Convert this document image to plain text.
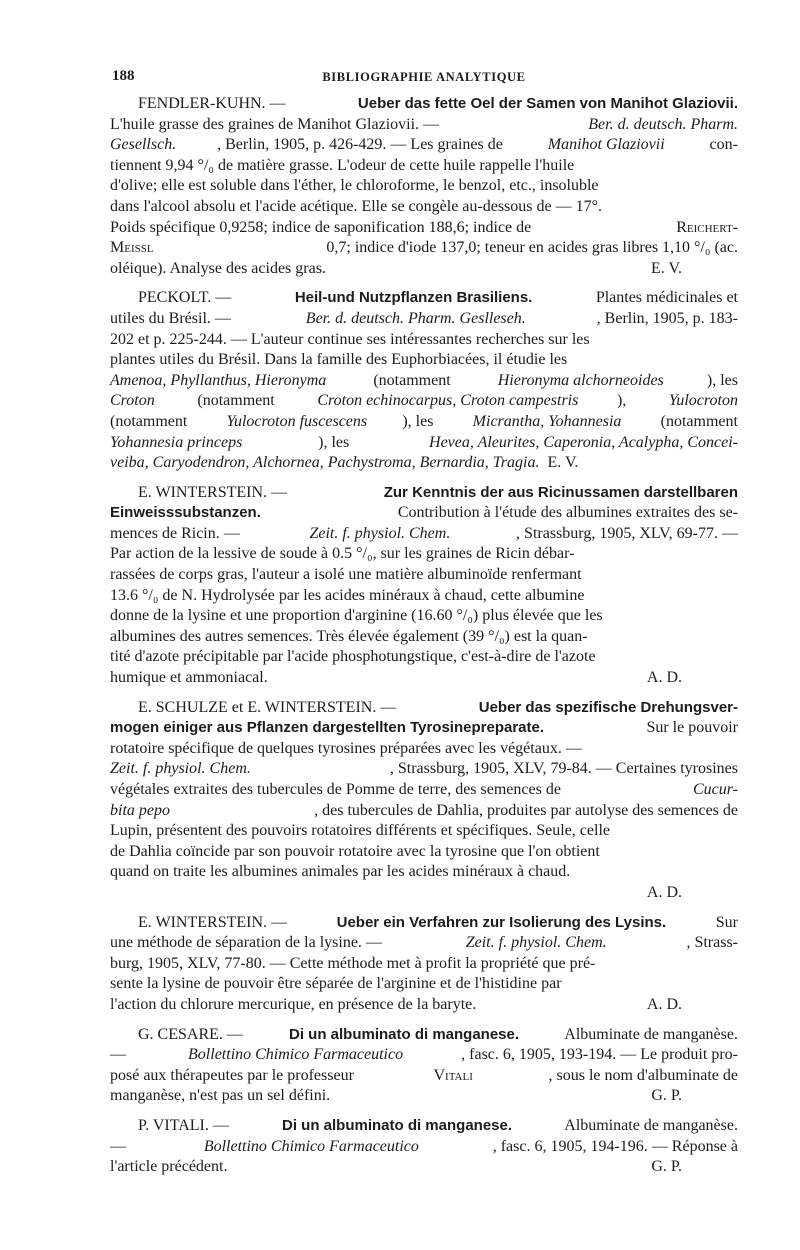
188	BIBLIOGRAPHIE ANALYTIQUE
FENDLER-KUHN. —	Ueber das fette Oel der Samen von Manihot Glaziovii.
L'huile grasse des graines de Manihot Glaziovii. —	Ber. d. deutsch. Pharm.
Gesellsch.	, Berlin, 1905, p. 426-429. — Les graines de	Manihot Glaziovii	con-
tiennent 9,94 °/₀ de matière grasse. L'odeur de cette huile rappelle l'huile
d'olive; elle est soluble dans l'éther, le chloroforme, le benzol, etc., insoluble
dans l'alcool absolu et l'acide acétique. Elle se congèle au-dessous de — 17°.
Poids spécifique 0,9258; indice de saponification 188,6; indice de	Reichert-
Meissl	0,7; indice d'iode 137,0; teneur en acides gras libres 1,10 °/₀ (ac.
oléique). Analyse des acides gras.	E. V.
PECKOLT. —	Heil-und Nutzpflanzen Brasiliens.	Plantes médicinales et
utiles du Brésil. —	Ber. d. deutsch. Pharm. Geslleseh.	, Berlin, 1905, p. 183-
202 et p. 225-244. — L'auteur continue ses intéressantes recherches sur les
plantes utiles du Brésil. Dans la famille des Euphorbiacées, il étudie les
Amenoa, Phyllanthus, Hieronyma	(notamment	Hieronyma alchorneoides	), les
Croton (notamment Croton echinocarpus, Croton campestris ), Yulocroton
(notamment Yulocroton fuscescens ), les Micrantha, Yohannesia (notamment
Yohannesia princeps	), les	Hevea, Aleurites, Caperonia, Acalypha, Concei-
veiba, Caryodendron, Alchornea, Pachystroma, Bernardia, Tragia. E. V.
E. WINTERSTEIN. —	Zur Kenntnis der aus Ricinussamen darstellbaren
Einweisssubstanzen.	Contribution à l'étude des albumines extraites des se-
mences de Ricin. —	Zeit. f. physiol. Chem.	, Strassburg, 1905, XLV, 69-77. —
Par action de la lessive de soude à 0.5 °/₀, sur les graines de Ricin débar-
rassées de corps gras, l'auteur a isolé une matière albuminoïde renfermant
13.6 °/₀ de N. Hydrolysée par les acides minéraux à chaud, cette albumine
donne de la lysine et une proportion d'arginine (16.60 °/₀) plus élevée que les
albumines des autres semences. Très élevée également (39 °/₀) est la quan-
tité d'azote précipitable par l'acide phosphotungstique, c'est-à-dire de l'azote
humique et ammoniacal.	A. D.
E. SCHULZE et E. WINTERSTEIN. —	Ueber das spezifische Drehungsver-
mogen einiger aus Pflanzen dargestellten Tyrosinepreparate.	Sur le pouvoir
rotatoire spécifique de quelques tyrosines préparées avec les végétaux. —
Zeit. f. physiol. Chem.	, Strassburg, 1905, XLV, 79-84. — Certaines tyrosines
végétales extraites des tubercules de Pomme de terre, des semences de	Cucur-
bita pepo	, des tubercules de Dahlia, produites par autolyse des semences de
Lupin, présentent des pouvoirs rotatoires différents et spécifiques. Seule, celle
de Dahlia coïncide par son pouvoir rotatoire avec la tyrosine que l'on obtient
quand on traite les albumines animales par les acides minéraux à chaud.
A. D.
E. WINTERSTEIN. —	Ueber ein Verfahren zur Isolierung des Lysins.	Sur
une méthode de séparation de la lysine. —	Zeit. f. physiol. Chem.	, Strass-
burg, 1905, XLV, 77-80. — Cette méthode met à profit la propriété que pré-
sente la lysine de pouvoir être séparée de l'arginine et de l'histidine par
l'action du chlorure mercurique, en présence de la baryte.	A. D.
G. CESARE. —	Di un albuminato di manganese.	Albuminate de manganèse.
—	Bollettino Chimico Farmaceutico	, fasc. 6, 1905, 193-194. — Le produit pro-
posé aux thérapeutes par le professeur	Vitali	, sous le nom d'albuminate de
manganèse, n'est pas un sel défini.	G. P.
P. VITALI. —	Di un albuminato di manganese.	Albuminate de manganèse.
—	Bollettino Chimico Farmaceutico	, fasc. 6, 1905, 194-196. — Réponse à
l'article précédent.	G. P.
